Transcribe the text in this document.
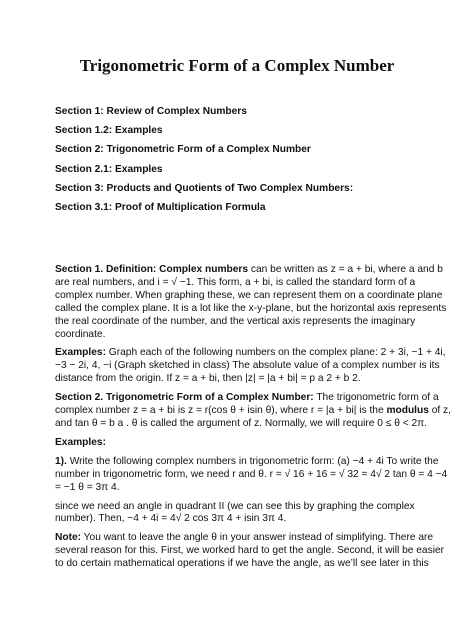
Trigonometric Form of a Complex Number
Section 1: Review of Complex Numbers
Section 1.2: Examples
Section 2: Trigonometric Form of a Complex Number
Section 2.1: Examples
Section 3: Products and Quotients of Two Complex Numbers:
Section 3.1: Proof of Multiplication Formula
Section 1. Definition: Complex numbers can be written as z = a + bi, where a and b
are real numbers, and i = √ −1. This form, a + bi, is called the standard form of a
complex number. When graphing these, we can represent them on a coordinate plane
called the complex plane. It is a lot like the x-y-plane, but the horizontal axis represents
the real coordinate of the number, and the vertical axis represents the imaginary
coordinate.
Examples: Graph each of the following numbers on the complex plane: 2 + 3i, −1 + 4i,
−3 − 2i, 4, −i (Graph sketched in class) The absolute value of a complex number is its
distance from the origin. If z = a + bi, then |z| = |a + bi| = p a 2 + b 2.
Section 2. Trigonometric Form of a Complex Number: The trigonometric form of a
complex number z = a + bi is z = r(cos θ + isin θ), where r = |a + bi| is the modulus of z,
and tan θ = b a . θ is called the argument of z. Normally, we will require 0 ≤ θ < 2π.
Examples:
1). Write the following complex numbers in trigonometric form: (a) −4 + 4i To write the
number in trigonometric form, we need r and θ. r = √ 16 + 16 = √ 32 = 4√ 2 tan θ = 4 −4
= −1 θ = 3π 4.
since we need an angle in quadrant II (we can see this by graphing the complex
number). Then, −4 + 4i = 4√ 2 cos 3π 4 + isin 3π 4.
Note: You want to leave the angle θ in your answer instead of simplifying. There are
several reason for this. First, we worked hard to get the angle. Second, it will be easier
to do certain mathematical operations if we have the angle, as we’ll see later in this
